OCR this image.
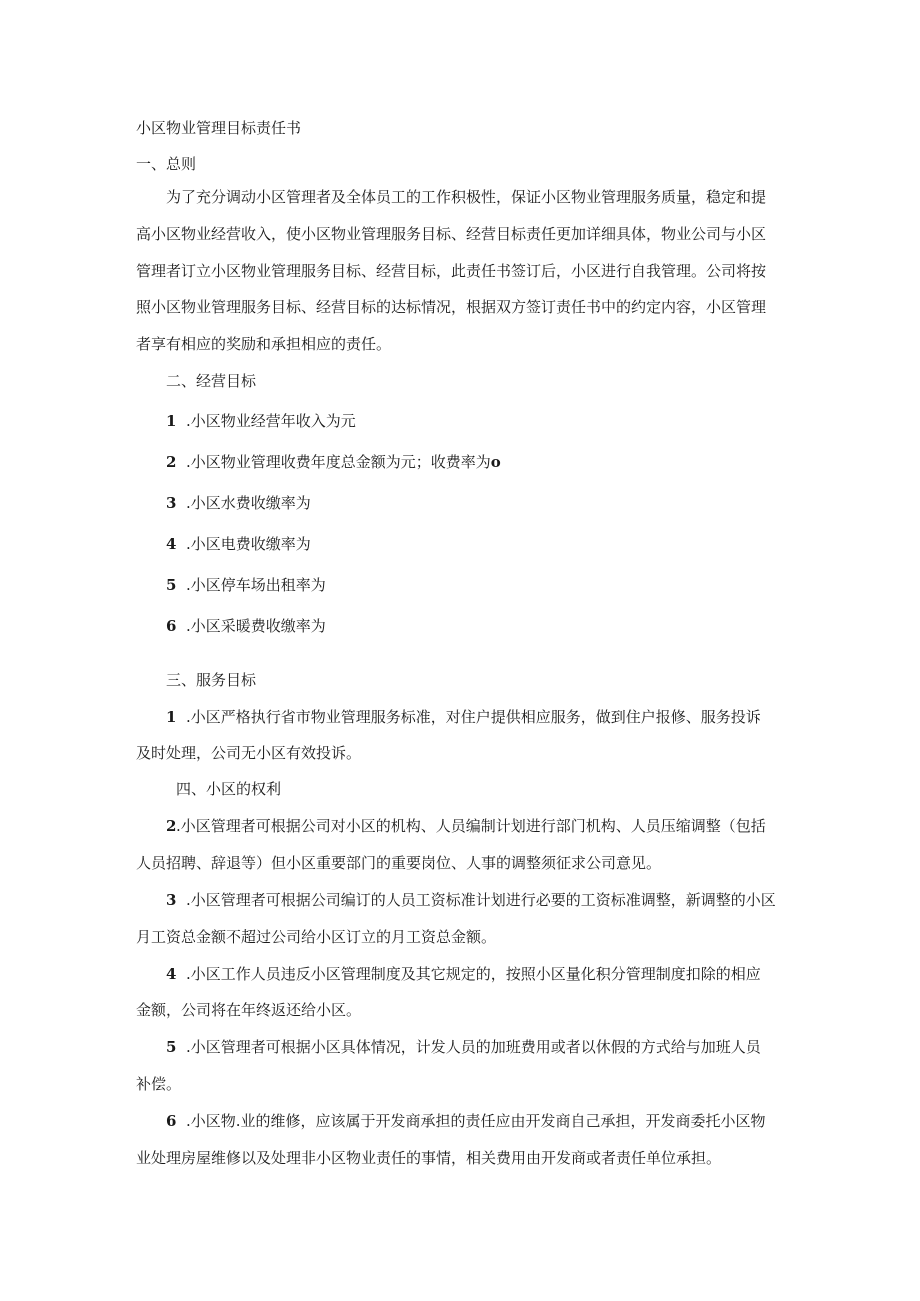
小区物业管理目标责任书

一、总则

为了充分调动小区管理者及全体员工的工作积极性，保证小区物业管理服务质量，稳定和提

高小区物业经营收入，使小区物业管理服务目标、经营目标责任更加详细具体，物业公司与小区

管理者订立小区物业管理服务目标、经营目标，此责任书签订后，小区进行自我管理。公司将按

照小区物业管理服务目标、经营目标的达标情况，根据双方签订责任书中的约定内容，小区管理

者享有相应的奖励和承担相应的责任。

二、经营目标

1 .小区物业经营年收入为元

2 .小区物业管理收费年度总金额为元；收费率为o

3 .小区水费收缴率为

4 .小区电费收缴率为

5 .小区停车场出租率为

6 .小区采暖费收缴率为

三、服务目标

1 .小区严格执行省市物业管理服务标准，对住户提供相应服务，做到住户报修、服务投诉

及时处理，公司无小区有效投诉。

四、小区的权利

2.小区管理者可根据公司对小区的机构、人员编制计划进行部门机构、人员压缩调整（包括

人员招聘、辞退等）但小区重要部门的重要岗位、人事的调整须征求公司意见。

3 .小区管理者可根据公司编订的人员工资标准计划进行必要的工资标准调整，新调整的小区

月工资总金额不超过公司给小区订立的月工资总金额。

4 .小区工作人员违反小区管理制度及其它规定的，按照小区量化积分管理制度扣除的相应

金额，公司将在年终返还给小区。

5 .小区管理者可根据小区具体情况，计发人员的加班费用或者以休假的方式给与加班人员

补偿。

6 .小区物.业的维修，应该属于开发商承担的责任应由开发商自己承担，开发商委托小区物

业处理房屋维修以及处理非小区物业责任的事情，相关费用由开发商或者责任单位承担。
